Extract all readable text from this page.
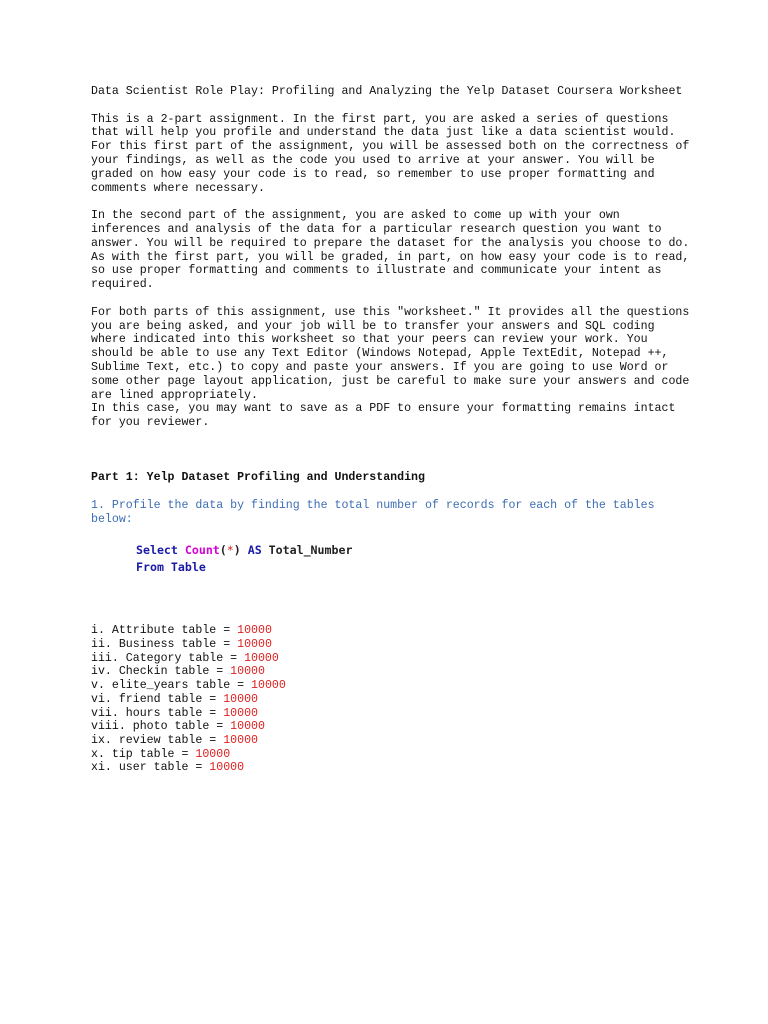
Data Scientist Role Play: Profiling and Analyzing the Yelp Dataset Coursera Worksheet

This is a 2-part assignment. In the first part, you are asked a series of questions that will help you profile and understand the data just like a data scientist would. For this first part of the assignment, you will be assessed both on the correctness of your findings, as well as the code you used to arrive at your answer. You will be graded on how easy your code is to read, so remember to use proper formatting and comments where necessary.

In the second part of the assignment, you are asked to come up with your own inferences and analysis of the data for a particular research question you want to answer. You will be required to prepare the dataset for the analysis you choose to do. As with the first part, you will be graded, in part, on how easy your code is to read, so use proper formatting and comments to illustrate and communicate your intent as required.

For both parts of this assignment, use this "worksheet." It provides all the questions you are being asked, and your job will be to transfer your answers and SQL coding where indicated into this worksheet so that your peers can review your work. You should be able to use any Text Editor (Windows Notepad, Apple TextEdit, Notepad ++, Sublime Text, etc.) to copy and paste your answers. If you are going to use Word or some other page layout application, just be careful to make sure your answers and code are lined appropriately.
In this case, you may want to save as a PDF to ensure your formatting remains intact for you reviewer.

Part 1: Yelp Dataset Profiling and Understanding

1. Profile the data by finding the total number of records for each of the tables below:

Select Count(*) AS Total_Number
From Table
i. Attribute table = 10000
ii. Business table = 10000
iii. Category table = 10000
iv. Checkin table = 10000
v. elite_years table = 10000
vi. friend table = 10000
vii. hours table = 10000
viii. photo table = 10000
ix. review table = 10000
x. tip table = 10000
xi. user table = 10000
